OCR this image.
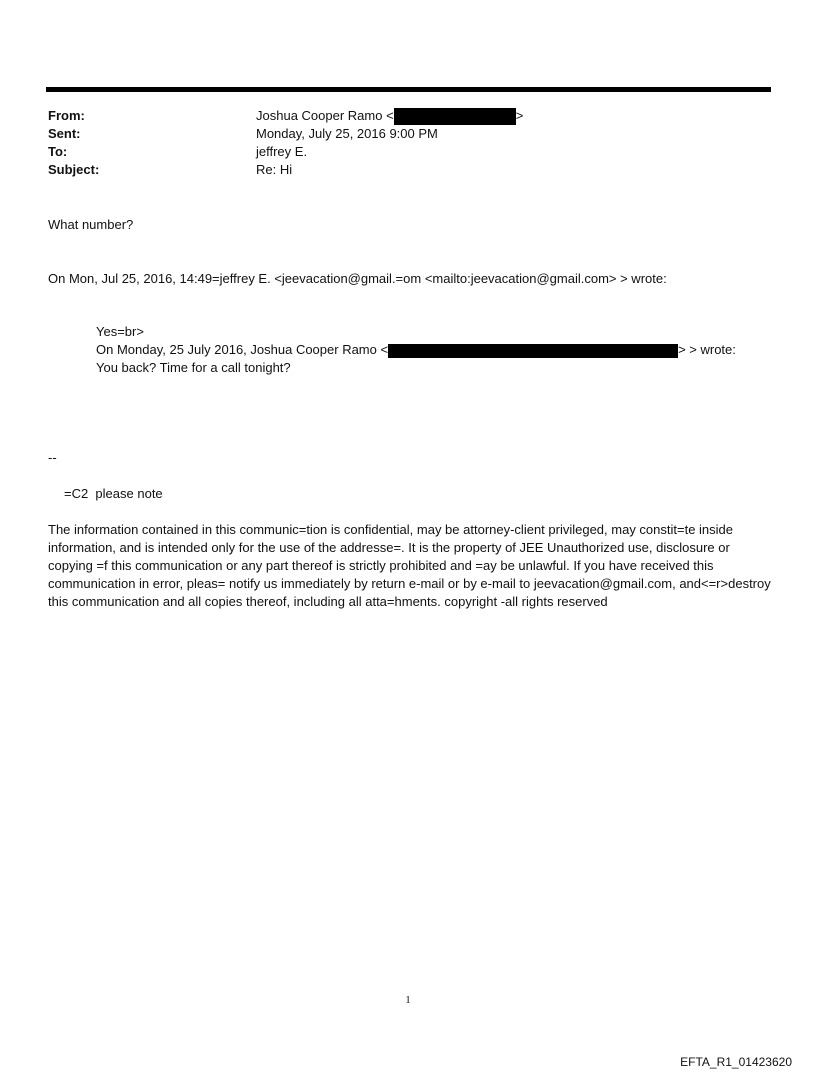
From:	Joshua Cooper Ramo <	>
Sent:	Monday, July 25, 2016 9:00 PM
To:	jeffrey E.
Subject:	Re: Hi
What number?
On Mon, Jul 25, 2016, 14:49=jeffrey E. <jeevacation@gmail.=om <mailto:jeevacation@gmail.com> > wrote:
Yes=br>
On Monday, 25 July 2016, Joshua Cooper Ramo <	> > wrote:
You back? Time for a call tonight?
--
=C2  please note
The information contained in this communic=tion is confidential, may be attorney-client privileged, may constit=te inside information, and is intended only for the use of the addresse=. It is the property of JEE Unauthorized use, disclosure or copying =f this communication or any part thereof is strictly prohibited and =ay be unlawful. If you have received this communication in error, pleas= notify us immediately by return e-mail or by e-mail to jeevacation@gmail.com, and<=r>destroy this communication and all copies thereof, including all atta=hments. copyright -all rights reserved
1
EFTA_R1_01423620
